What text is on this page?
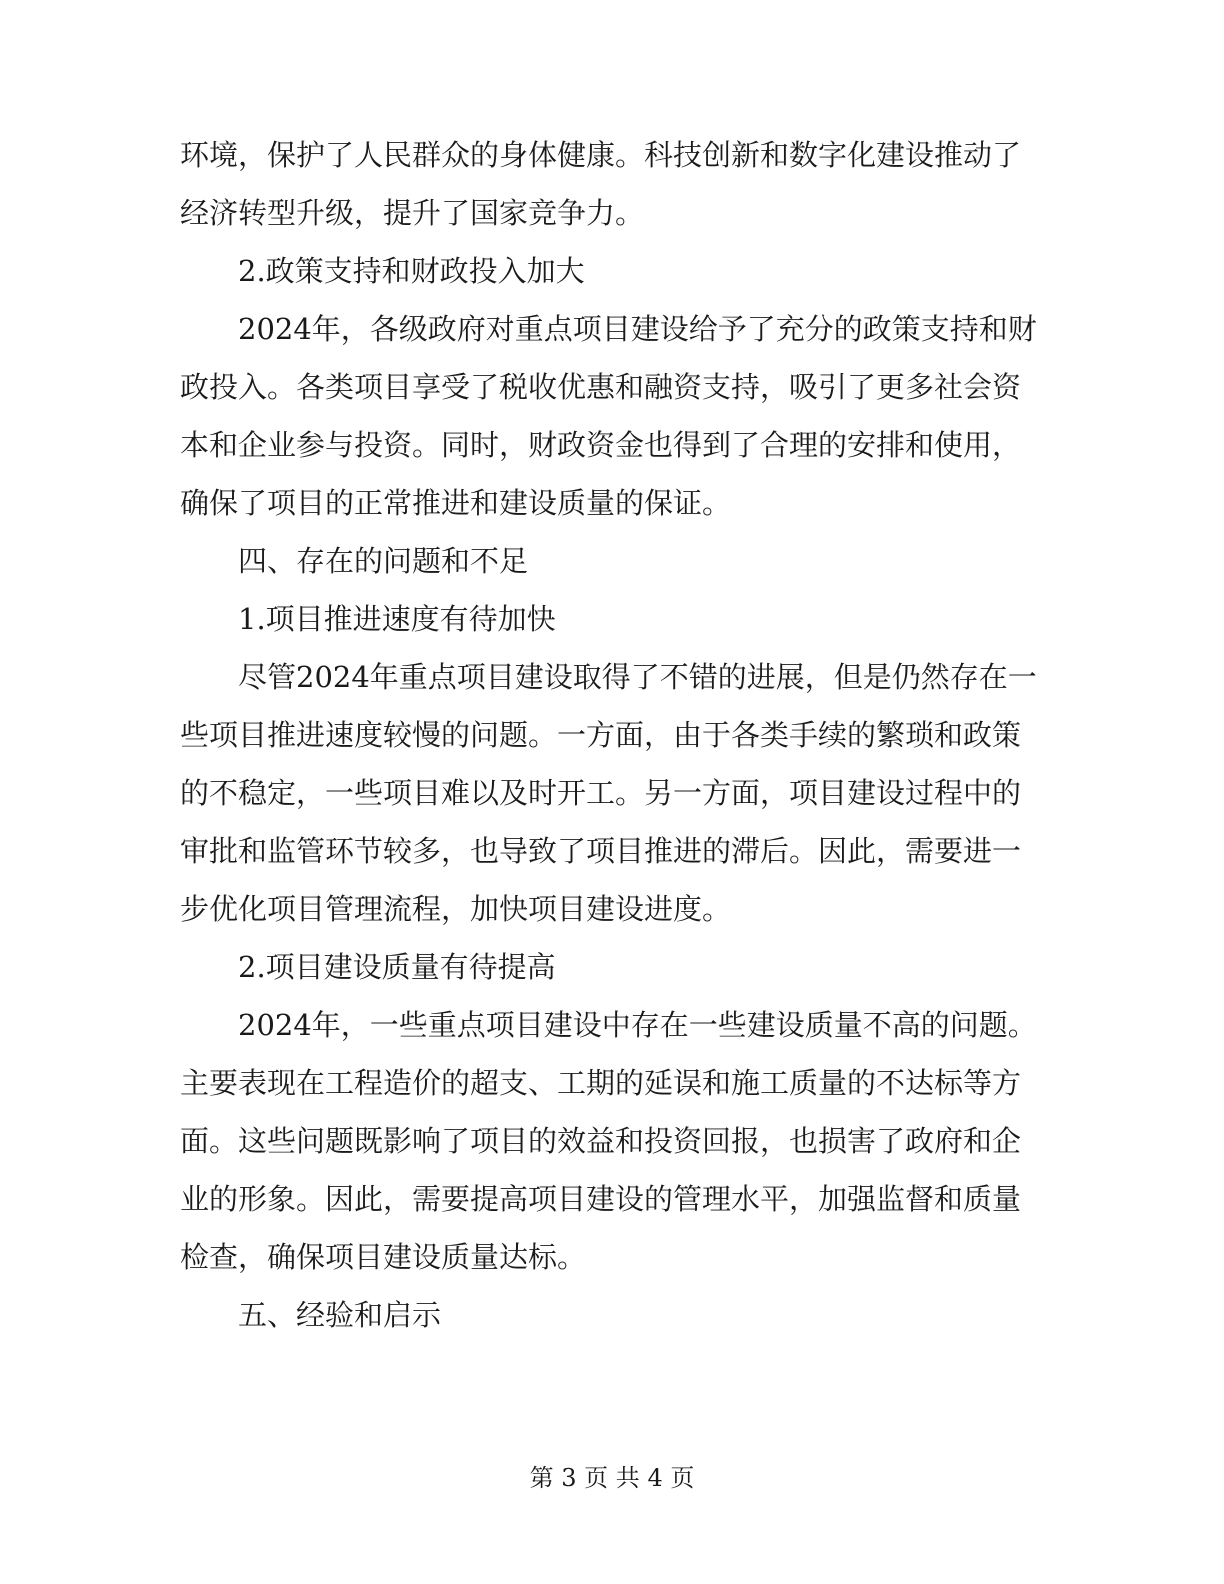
环境，保护了人民群众的身体健康。科技创新和数字化建设推动了经济转型升级，提升了国家竞争力。

2.政策支持和财政投入加大

2024年，各级政府对重点项目建设给予了充分的政策支持和财政投入。各类项目享受了税收优惠和融资支持，吸引了更多社会资本和企业参与投资。同时，财政资金也得到了合理的安排和使用，确保了项目的正常推进和建设质量的保证。

四、存在的问题和不足

1.项目推进速度有待加快

尽管2024年重点项目建设取得了不错的进展，但是仍然存在一些项目推进速度较慢的问题。一方面，由于各类手续的繁琐和政策的不稳定，一些项目难以及时开工。另一方面，项目建设过程中的审批和监管环节较多，也导致了项目推进的滞后。因此，需要进一步优化项目管理流程，加快项目建设进度。

2.项目建设质量有待提高

2024年，一些重点项目建设中存在一些建设质量不高的问题。主要表现在工程造价的超支、工期的延误和施工质量的不达标等方面。这些问题既影响了项目的效益和投资回报，也损害了政府和企业的形象。因此，需要提高项目建设的管理水平，加强监督和质量检查，确保项目建设质量达标。

五、经验和启示

第 3 页 共 4 页
